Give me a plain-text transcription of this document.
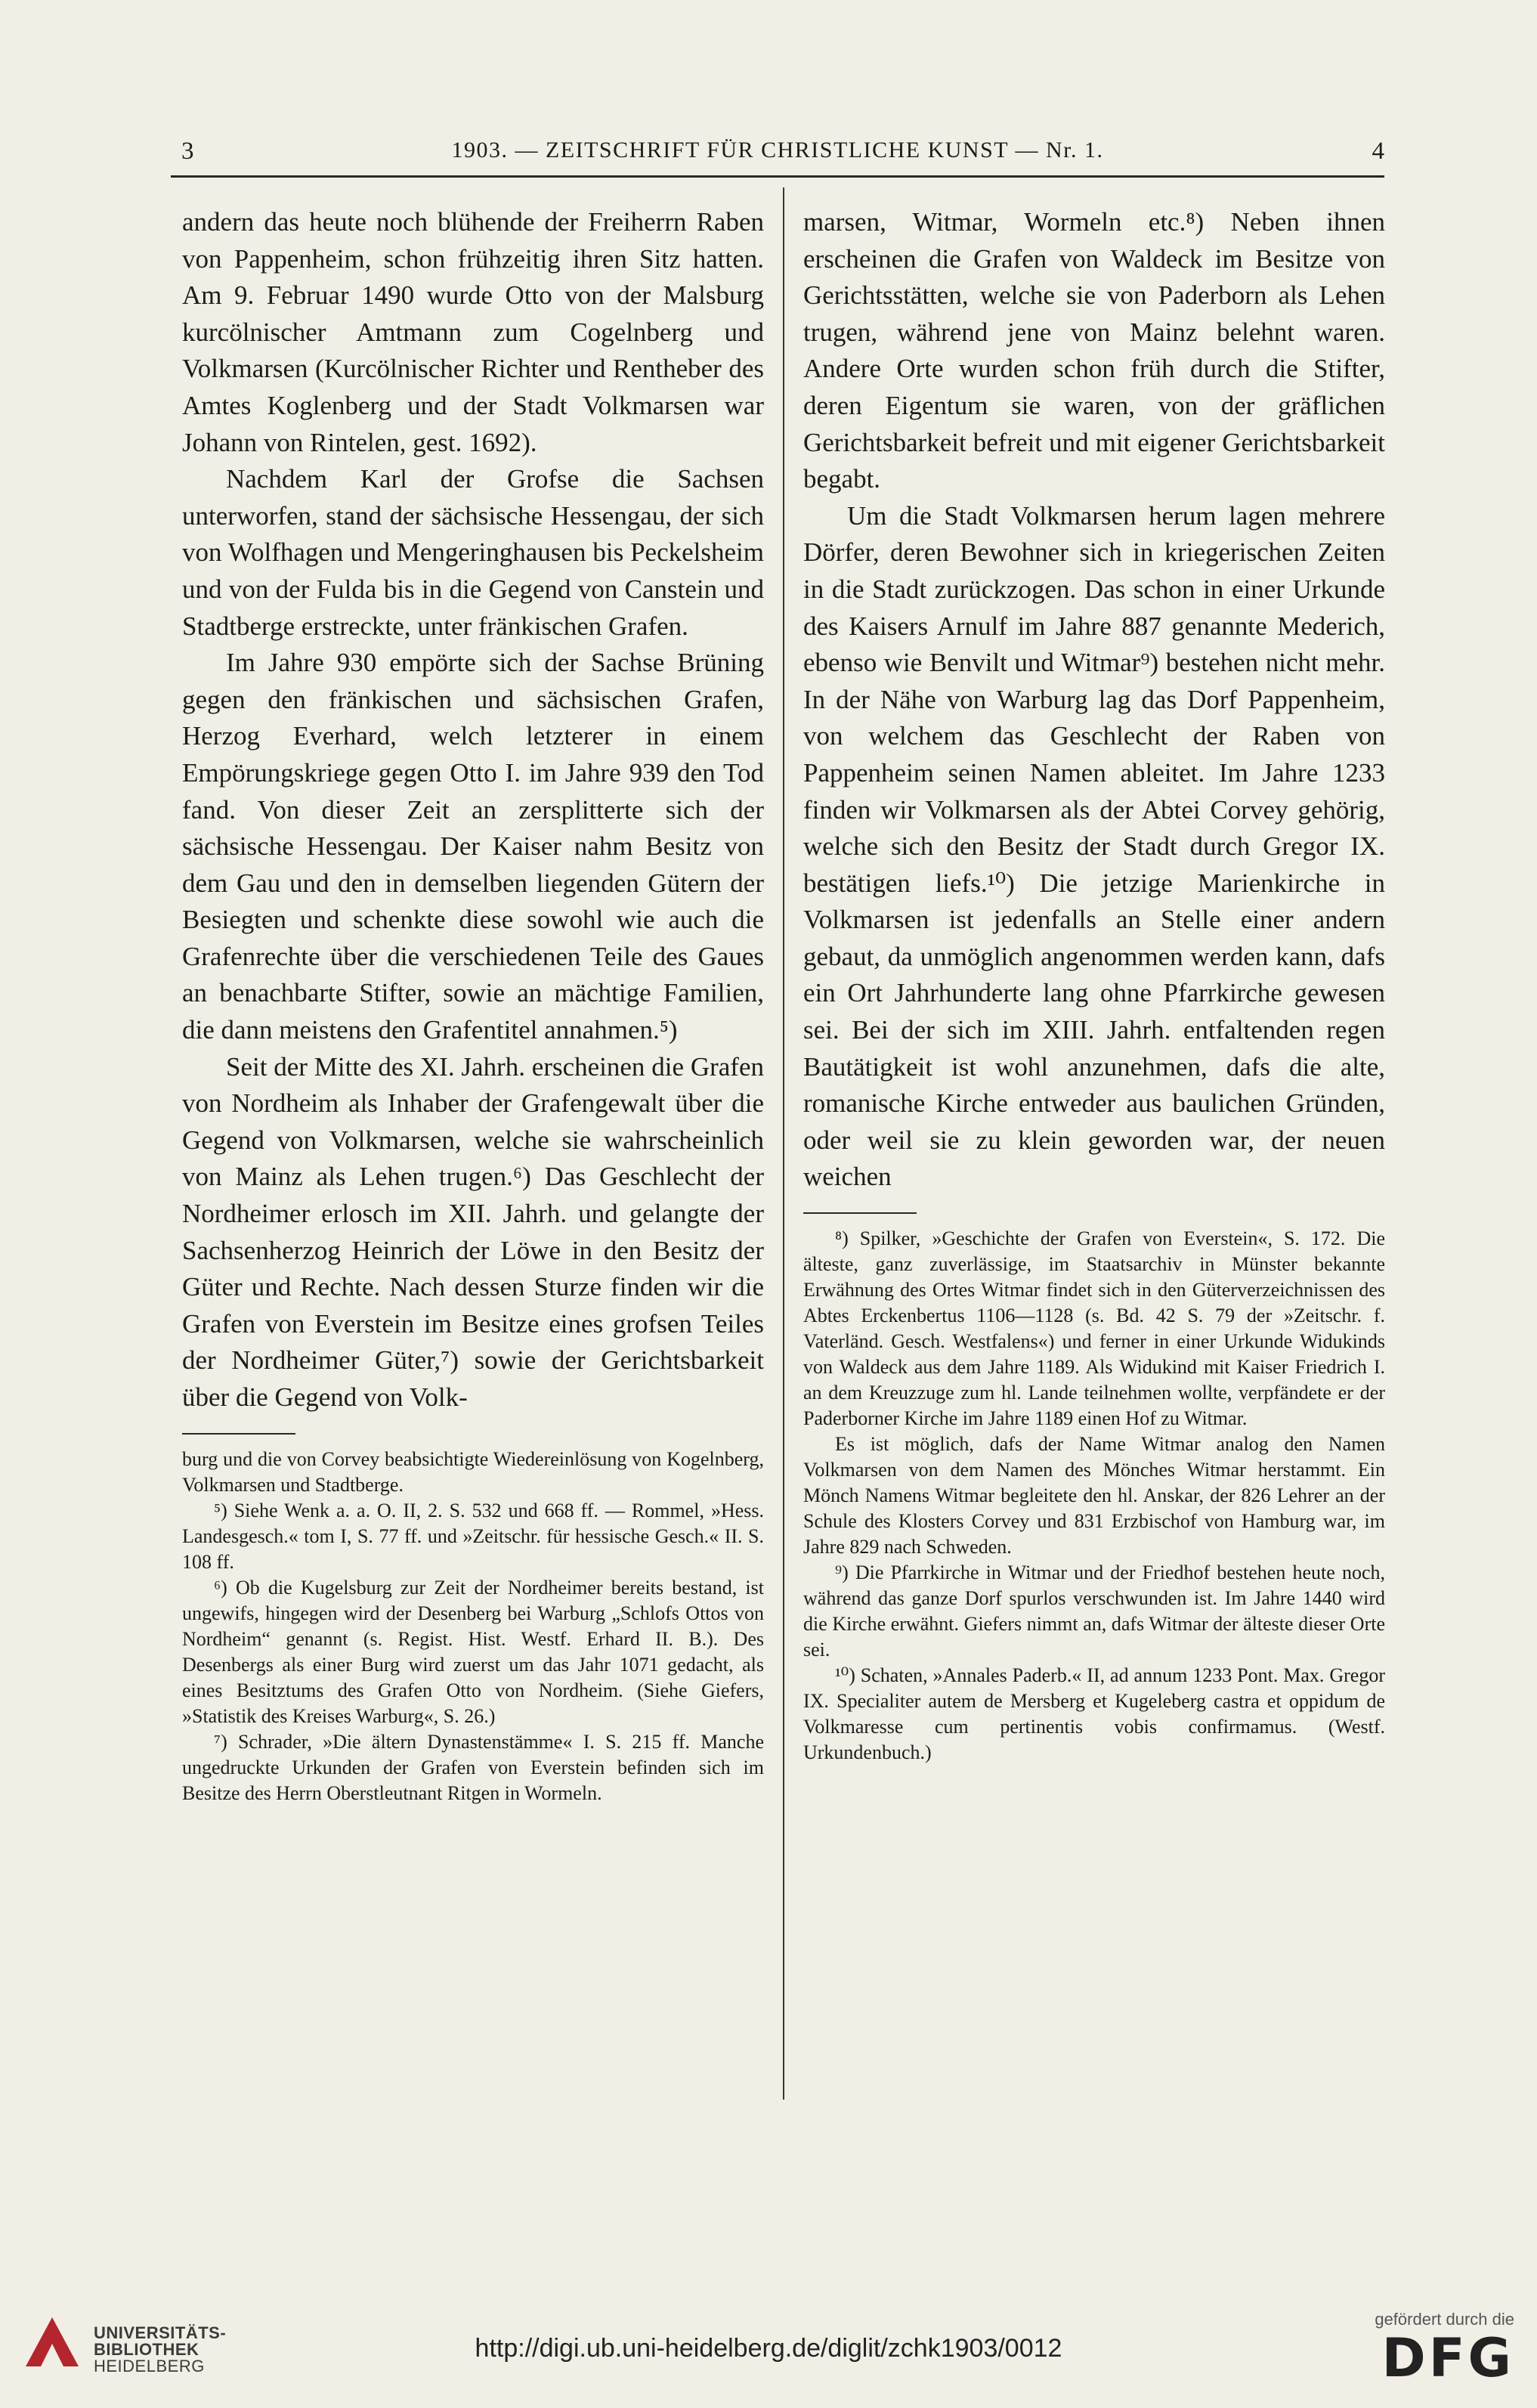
3	1903. — ZEITSCHRIFT FÜR CHRISTLICHE KUNST — Nr. 1.	4

andern das heute noch blühende der Freiherrn Raben von Pappenheim, schon frühzeitig ihren Sitz hatten. Am 9. Februar 1490 wurde Otto von der Malsburg kurcölnischer Amtmann zum Cogelnberg und Volkmarsen (Kurcölnischer Richter und Rentheber des Amtes Koglenberg und der Stadt Volkmarsen war Johann von Rintelen, gest. 1692).

Nachdem Karl der Grofse die Sachsen unterworfen, stand der sächsische Hessengau, der sich von Wolfhagen und Mengeringhausen bis Peckelsheim und von der Fulda bis in die Gegend von Canstein und Stadtberge erstreckte, unter fränkischen Grafen.

Im Jahre 930 empörte sich der Sachse Brüning gegen den fränkischen und sächsischen Grafen, Herzog Everhard, welch letzterer in einem Empörungskriege gegen Otto I. im Jahre 939 den Tod fand. Von dieser Zeit an zersplitterte sich der sächsische Hessengau. Der Kaiser nahm Besitz von dem Gau und den in demselben liegenden Gütern der Besiegten und schenkte diese sowohl wie auch die Grafenrechte über die verschiedenen Teile des Gaues an benachbarte Stifter, sowie an mächtige Familien, die dann meistens den Grafentitel annahmen.⁵)

Seit der Mitte des XI. Jahrh. erscheinen die Grafen von Nordheim als Inhaber der Grafengewalt über die Gegend von Volkmarsen, welche sie wahrscheinlich von Mainz als Lehen trugen.⁶) Das Geschlecht der Nordheimer erlosch im XII. Jahrh. und gelangte der Sachsenherzog Heinrich der Löwe in den Besitz der Güter und Rechte. Nach dessen Sturze finden wir die Grafen von Everstein im Besitze eines grofsen Teiles der Nordheimer Güter,⁷) sowie der Gerichtsbarkeit über die Gegend von Volk-

burg und die von Corvey beabsichtigte Wiedereinlösung von Kogelnberg, Volkmarsen und Stadtberge.

⁵) Siehe Wenk a. a. O. II, 2. S. 532 und 668 ff. — Rommel, »Hess. Landesgesch.« tom I, S. 77 ff. und »Zeitschr. für hessische Gesch.« II. S. 108 ff.

⁶) Ob die Kugelsburg zur Zeit der Nordheimer bereits bestand, ist ungewifs, hingegen wird der Desenberg bei Warburg „Schlofs Ottos von Nordheim“ genannt (s. Regist. Hist. Westf. Erhard II. B.). Des Desenbergs als einer Burg wird zuerst um das Jahr 1071 gedacht, als eines Besitztums des Grafen Otto von Nordheim. (Siehe Giefers, »Statistik des Kreises Warburg«, S. 26.)

⁷) Schrader, »Die ältern Dynastenstämme« I. S. 215 ff. Manche ungedruckte Urkunden der Grafen von Everstein befinden sich im Besitze des Herrn Oberstleutnant Ritgen in Wormeln.

marsen, Witmar, Wormeln etc.⁸) Neben ihnen erscheinen die Grafen von Waldeck im Besitze von Gerichtsstätten, welche sie von Paderborn als Lehen trugen, während jene von Mainz belehnt waren. Andere Orte wurden schon früh durch die Stifter, deren Eigentum sie waren, von der gräflichen Gerichtsbarkeit befreit und mit eigener Gerichtsbarkeit begabt.

Um die Stadt Volkmarsen herum lagen mehrere Dörfer, deren Bewohner sich in kriegerischen Zeiten in die Stadt zurückzogen. Das schon in einer Urkunde des Kaisers Arnulf im Jahre 887 genannte Mederich, ebenso wie Benvilt und Witmar⁹) bestehen nicht mehr. In der Nähe von Warburg lag das Dorf Pappenheim, von welchem das Geschlecht der Raben von Pappenheim seinen Namen ableitet. Im Jahre 1233 finden wir Volkmarsen als der Abtei Corvey gehörig, welche sich den Besitz der Stadt durch Gregor IX. bestätigen liefs.¹⁰) Die jetzige Marienkirche in Volkmarsen ist jedenfalls an Stelle einer andern gebaut, da unmöglich angenommen werden kann, dafs ein Ort Jahrhunderte lang ohne Pfarrkirche gewesen sei. Bei der sich im XIII. Jahrh. entfaltenden regen Bautätigkeit ist wohl anzunehmen, dafs die alte, romanische Kirche entweder aus baulichen Gründen, oder weil sie zu klein geworden war, der neuen weichen

⁸) Spilker, »Geschichte der Grafen von Everstein«, S. 172. Die älteste, ganz zuverlässige, im Staatsarchiv in Münster bekannte Erwähnung des Ortes Witmar findet sich in den Güterverzeichnissen des Abtes Erckenbertus 1106—1128 (s. Bd. 42 S. 79 der »Zeitschr. f. Vaterländ. Gesch. Westfalens«) und ferner in einer Urkunde Widukinds von Waldeck aus dem Jahre 1189. Als Widukind mit Kaiser Friedrich I. an dem Kreuzzuge zum hl. Lande teilnehmen wollte, verpfändete er der Paderborner Kirche im Jahre 1189 einen Hof zu Witmar.

Es ist möglich, dafs der Name Witmar analog den Namen Volkmarsen von dem Namen des Mönches Witmar herstammt. Ein Mönch Namens Witmar begleitete den hl. Anskar, der 826 Lehrer an der Schule des Klosters Corvey und 831 Erzbischof von Hamburg war, im Jahre 829 nach Schweden.

⁹) Die Pfarrkirche in Witmar und der Friedhof bestehen heute noch, während das ganze Dorf spurlos verschwunden ist. Im Jahre 1440 wird die Kirche erwähnt. Giefers nimmt an, dafs Witmar der älteste dieser Orte sei.

¹⁰) Schaten, »Annales Paderb.« II, ad annum 1233 Pont. Max. Gregor IX. Specialiter autem de Mersberg et Kugeleberg castra et oppidum de Volkmaresse cum pertinentis vobis confirmamus. (Westf. Urkundenbuch.)

UNIVERSITÄTS-
BIBLIOTHEK
HEIDELBERG
http://digi.ub.uni-heidelberg.de/diglit/zchk1903/0012
gefördert durch die
DFG
